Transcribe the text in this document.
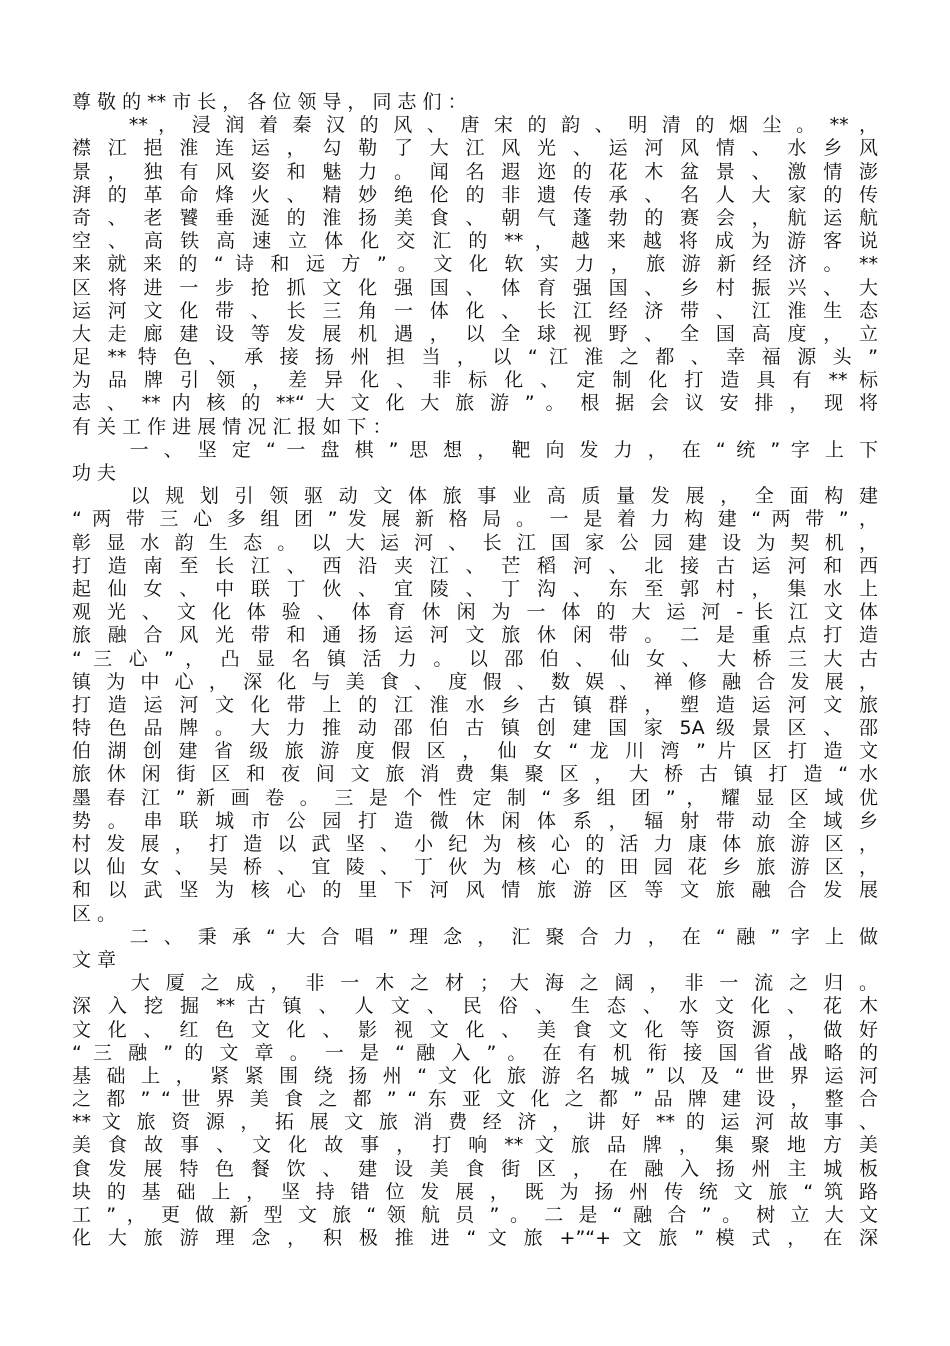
尊 敬 的 ** 市 长 ， 各 位 领 导 ， 同 志 们 ：
　　 ** ， 浸 润 着 秦 汉 的 风 、 唐 宋 的 韵 、 明 清 的 烟 尘 。 ** ，
襟 江 挹 淮 连 运 ， 勾 勒 了 大 江 风 光 、 运 河 风 情 、 水 乡 风
景 ， 独 有 风 姿 和 魅 力 。 闻 名 遐 迩 的 花 木 盆 景 、 激 情 澎
湃 的 革 命 烽 火 、 精 妙 绝 伦 的 非 遗 传 承 、 名 人 大 家 的 传
奇 、 老 饕 垂 涎 的 淮 扬 美 食 、 朝 气 蓬 勃 的 赛 会 ， 航 运 航
空 、 高 铁 高 速 立 体 化 交 汇 的 ** ， 越 来 越 将 成 为 游 客 说
来 就 来 的 “ 诗 和 远 方 ” 。 文 化 软 实 力 ， 旅 游 新 经 济 。 **
区 将 进 一 步 抢 抓 文 化 强 国 、 体 育 强 国 、 乡 村 振 兴 、 大
运 河 文 化 带 、 长 三 角 一 体 化 、 长 江 经 济 带 、 江 淮 生 态
大 走 廊 建 设 等 发 展 机 遇 ， 以 全 球 视 野 、 全 国 高 度 ， 立
足 ** 特 色 、 承 接 扬 州 担 当 ， 以 “ 江 淮 之 都 、 幸 福 源 头 ”
为 品 牌 引 领 ， 差 异 化 、 非 标 化 、 定 制 化 打 造 具 有 ** 标
志 、 ** 内 核 的 **“ 大 文 化 大 旅 游 ” 。 根 据 会 议 安 排 ， 现 将
有 关 工 作 进 展 情 况 汇 报 如 下 ：
　　 一 、 坚 定 “ 一 盘 棋 ” 思 想 ， 靶 向 发 力 ， 在 “ 统 ” 字 上 下
功 夫
　　 以 规 划 引 领 驱 动 文 体 旅 事 业 高 质 量 发 展 ， 全 面 构 建
“ 两 带 三 心 多 组 团 ” 发 展 新 格 局 。 一 是 着 力 构 建 “ 两 带 ” ，
彰 显 水 韵 生 态 。 以 大 运 河 、 长 江 国 家 公 园 建 设 为 契 机 ，
打 造 南 至 长 江 、 西 沿 夹 江 、 芒 稻 河 、 北 接 古 运 河 和 西
起 仙 女 、 中 联 丁 伙 、 宜 陵 、 丁 沟 、 东 至 郭 村 ， 集 水 上
观 光 、 文 化 体 验 、 体 育 休 闲 为 一 体 的 大 运 河 - 长 江 文 体
旅 融 合 风 光 带 和 通 扬 运 河 文 旅 休 闲 带 。 二 是 重 点 打 造
“ 三 心 ” ， 凸 显 名 镇 活 力 。 以 邵 伯 、 仙 女 、 大 桥 三 大 古
镇 为 中 心 ， 深 化 与 美 食 、 度 假 、 数 娱 、 禅 修 融 合 发 展 ，
打 造 运 河 文 化 带 上 的 江 淮 水 乡 古 镇 群 ， 塑 造 运 河 文 旅
特 色 品 牌 。 大 力 推 动 邵 伯 古 镇 创 建 国 家 5A 级 景 区 、 邵
伯 湖 创 建 省 级 旅 游 度 假 区 ， 仙 女 “ 龙 川 湾 ” 片 区 打 造 文
旅 休 闲 街 区 和 夜 间 文 旅 消 费 集 聚 区 ， 大 桥 古 镇 打 造 “ 水
墨 春 江 ” 新 画 卷 。 三 是 个 性 定 制 “ 多 组 团 ” ， 耀 显 区 域 优
势 。 串 联 城 市 公 园 打 造 微 休 闲 体 系 ， 辐 射 带 动 全 域 乡
村 发 展 ， 打 造 以 武 坚 、 小 纪 为 核 心 的 活 力 康 体 旅 游 区 ，
以 仙 女 、 吴 桥 、 宜 陵 、 丁 伙 为 核 心 的 田 园 花 乡 旅 游 区 ，
和 以 武 坚 为 核 心 的 里 下 河 风 情 旅 游 区 等 文 旅 融 合 发 展
区 。
　　 二 、 秉 承 “ 大 合 唱 ” 理 念 ， 汇 聚 合 力 ， 在 “ 融 ” 字 上 做
文 章
　　 大 厦 之 成 ， 非 一 木 之 材 ； 大 海 之 阔 ， 非 一 流 之 归 。
深 入 挖 掘 ** 古 镇 、 人 文 、 民 俗 、 生 态 、 水 文 化 、 花 木
文 化 、 红 色 文 化 、 影 视 文 化 、 美 食 文 化 等 资 源 ， 做 好
“ 三 融 ” 的 文 章 。 一 是 “ 融 入 ” 。 在 有 机 衔 接 国 省 战 略 的
基 础 上 ， 紧 紧 围 绕 扬 州 “ 文 化 旅 游 名 城 ” 以 及 “ 世 界 运 河
之 都 ” “ 世 界 美 食 之 都 ” “ 东 亚 文 化 之 都 ” 品 牌 建 设 ， 整 合
** 文 旅 资 源 ， 拓 展 文 旅 消 费 经 济 ， 讲 好 ** 的 运 河 故 事 、
美 食 故 事 、 文 化 故 事 ， 打 响 ** 文 旅 品 牌 ， 集 聚 地 方 美
食 发 展 特 色 餐 饮 、 建 设 美 食 街 区 ， 在 融 入 扬 州 主 城 板
块 的 基 础 上 ， 坚 持 错 位 发 展 ， 既 为 扬 州 传 统 文 旅 “ 筑 路
工 ” ， 更 做 新 型 文 旅 “ 领 航 员 ” 。 二 是 “ 融 合 ” 。 树 立 大 文
化 大 旅 游 理 念 ， 积 极 推 进 “ 文 旅 +”“+ 文 旅 ” 模 式 ， 在 深
